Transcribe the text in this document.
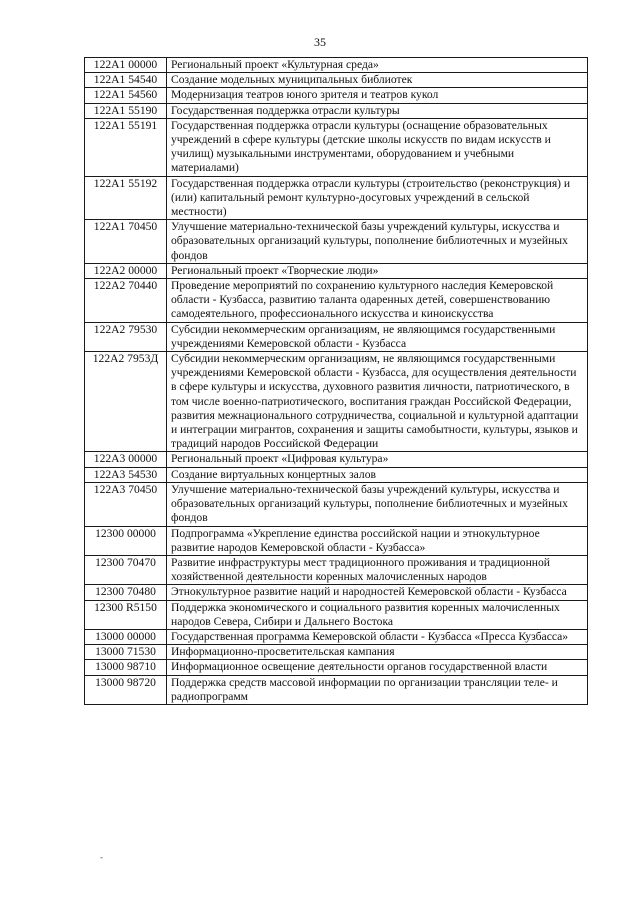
35
122A1 00000	Региональный проект «Культурная среда»
122A1 54540	Создание модельных муниципальных библиотек
122A1 54560	Модернизация театров юного зрителя и театров кукол
122A1 55190	Государственная поддержка отрасли культуры
122A1 55191	Государственная поддержка отрасли культуры (оснащение образовательных учреждений в сфере культуры (детские школы искусств по видам искусств и училищ) музыкальными инструментами, оборудованием и учебными материалами)
122A1 55192	Государственная поддержка отрасли культуры (строительство (реконструкция) и (или) капитальный ремонт культурно-досуговых учреждений в сельской местности)
122A1 70450	Улучшение материально-технической базы учреждений культуры, искусства и образовательных организаций культуры, пополнение библиотечных и музейных фондов
122A2 00000	Региональный проект «Творческие люди»
122A2 70440	Проведение мероприятий по сохранению культурного наследия Кемеровской области - Кузбасса, развитию таланта одаренных детей, совершенствованию самодеятельного, профессионального искусства и киноискусства
122A2 79530	Субсидии некоммерческим организациям, не являющимся государственными учреждениями Кемеровской области - Кузбасса
122A2 7953Д	Субсидии некоммерческим организациям, не являющимся государственными учреждениями Кемеровской области - Кузбасса, для осуществления деятельности в сфере культуры и искусства, духовного развития личности, патриотического, в том числе военно-патриотического, воспитания граждан Российской Федерации, развития межнационального сотрудничества, социальной и культурной адаптации и интеграции мигрантов, сохранения и защиты самобытности, культуры, языков и традиций народов Российской Федерации
122A3 00000	Региональный проект «Цифровая культура»
122A3 54530	Создание виртуальных концертных залов
122A3 70450	Улучшение материально-технической базы учреждений культуры, искусства и образовательных организаций культуры, пополнение библиотечных и музейных фондов
12300 00000	Подпрограмма «Укрепление единства российской нации и этнокультурное развитие народов Кемеровской области - Кузбасса»
12300 70470	Развитие инфраструктуры мест традиционного проживания и традиционной хозяйственной деятельности коренных малочисленных народов
12300 70480	Этнокультурное развитие наций и народностей Кемеровской области - Кузбасса
12300 R5150	Поддержка экономического и социального развития коренных малочисленных народов Севера, Сибири и Дальнего Востока
13000 00000	Государственная программа Кемеровской области - Кузбасса «Пресса Кузбасса»
13000 71530	Информационно-просветительская кампания
13000 98710	Информационное освещение деятельности органов государственной власти
13000 98720	Поддержка средств массовой информации по организации трансляции теле- и радиопрограмм
-
